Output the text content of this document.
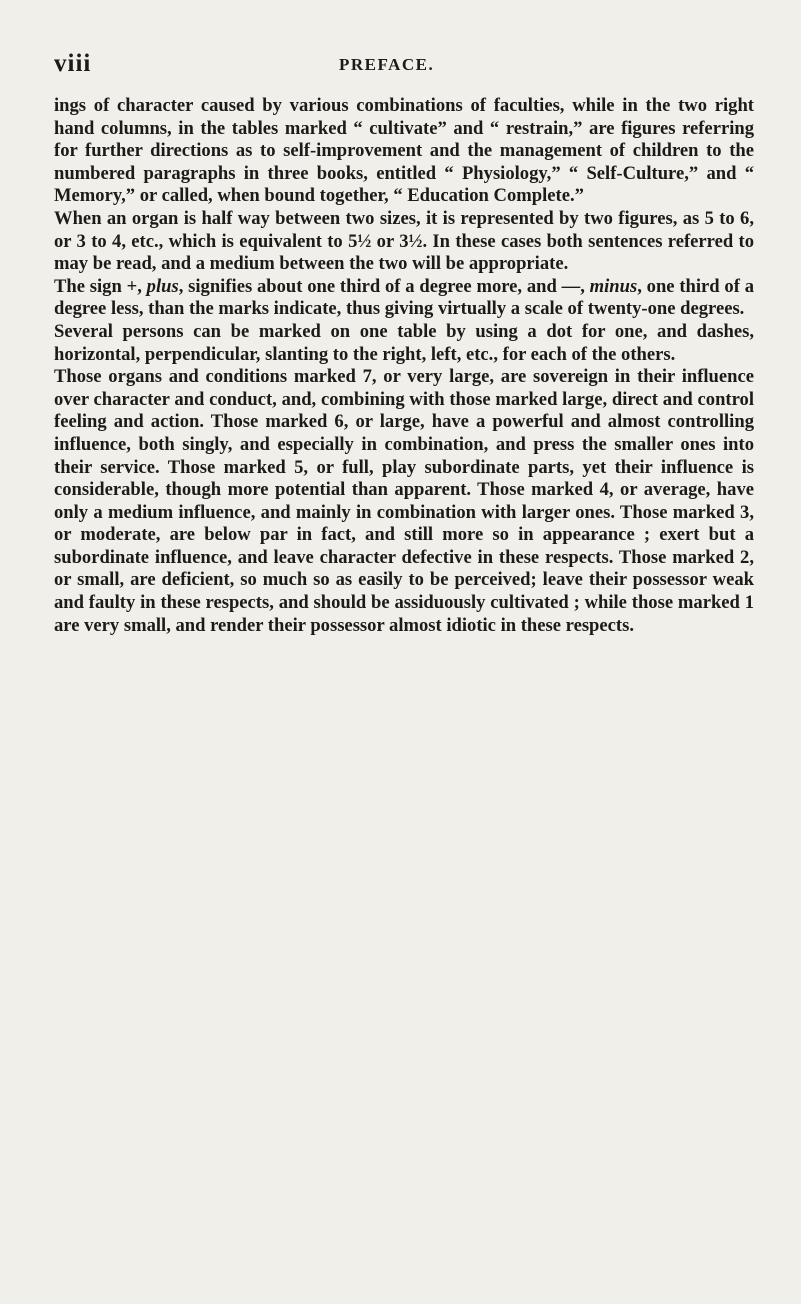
viii	PREFACE.

ings of character caused by various combinations of faculties, while in the two right hand columns, in the tables marked “ cultivate” and “ restrain,” are figures referring for further directions as to self-improvement and the management of children to the numbered paragraphs in three books, entitled “ Physiology,” “ Self-Culture,” and “ Memory,” or called, when bound together, “ Education Complete.”

When an organ is half way between two sizes, it is represented by two figures, as 5 to 6, or 3 to 4, etc., which is equivalent to 5½ or 3½. In these cases both sentences referred to may be read, and a medium between the two will be appropriate.

The sign +, plus, signifies about one third of a degree more, and —, minus, one third of a degree less, than the marks indicate, thus giving virtually a scale of twenty-one degrees.

Several persons can be marked on one table by using a dot for one, and dashes, horizontal, perpendicular, slanting to the right, left, etc., for each of the others.

Those organs and conditions marked 7, or very large, are sovereign in their influence over character and conduct, and, combining with those marked large, direct and control feeling and action. Those marked 6, or large, have a powerful and almost controlling influence, both singly, and especially in combination, and press the smaller ones into their service. Those marked 5, or full, play subordinate parts, yet their influence is considerable, though more potential than apparent. Those marked 4, or average, have only a medium influence, and mainly in combination with larger ones. Those marked 3, or moderate, are below par in fact, and still more so in appearance ; exert but a subordinate influence, and leave character defective in these respects. Those marked 2, or small, are deficient, so much so as easily to be perceived; leave their possessor weak and faulty in these respects, and should be assiduously cultivated ; while those marked 1 are very small, and render their possessor almost idiotic in these respects.
